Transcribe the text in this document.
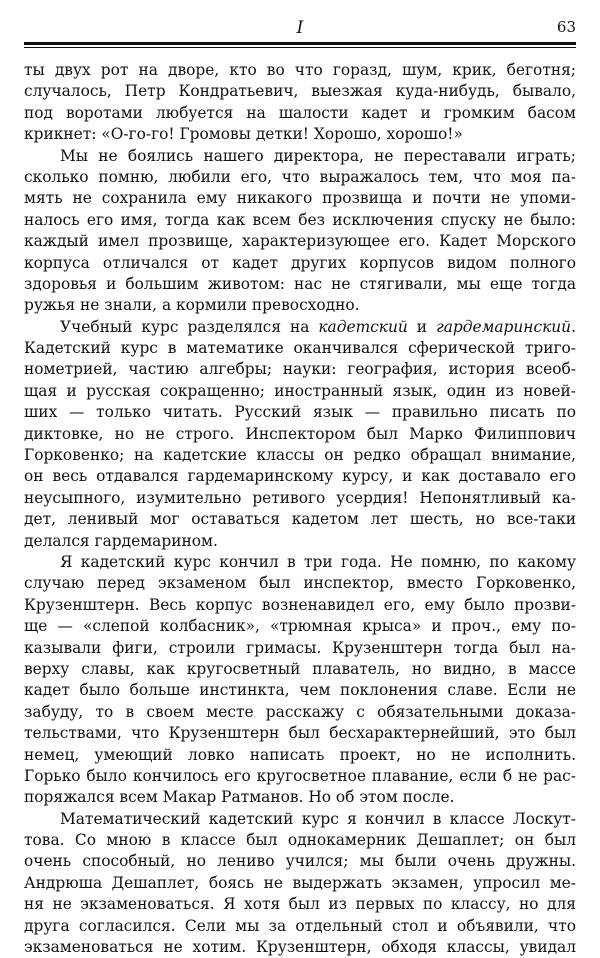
I	63
ты двух рот на дворе, кто во что горазд, шум, крик, беготня;
случалось, Петр Кондратьевич, выезжая куда-нибудь, бывало,
под воротами любуется на шалости кадет и громким басом
крикнет: «О-го-го! Громовы детки! Хорошо, хорошо!»
Мы не боялись нашего директора, не переставали играть;
сколько помню, любили его, что выражалось тем, что моя па-
мять не сохранила ему никакого прозвища и почти не упоми-
налось его имя, тогда как всем без исключения спуску не было:
каждый имел прозвище, характеризующее его. Кадет Морского
корпуса отличался от кадет других корпусов видом полного
здоровья и большим животом: нас не стягивали, мы еще тогда
ружья не знали, а кормили превосходно.
Учебный курс разделялся на кадетский и гардемаринский.
Кадетский курс в математике оканчивался сферической триго-
нометрией, частию алгебры; науки: география, история всеоб-
щая и русская сокращенно; иностранный язык, один из новей-
ших — только читать. Русский язык — правильно писать по
диктовке, но не строго. Инспектором был Марко Филиппович
Горковенко; на кадетские классы он редко обращал внимание,
он весь отдавался гардемаринскому курсу, и как доставало его
неусыпного, изумительно ретивого усердия! Непонятливый ка-
дет, ленивый мог оставаться кадетом лет шесть, но все-таки
делался гардемарином.
Я кадетский курс кончил в три года. Не помню, по какому
случаю перед экзаменом был инспектор, вместо Горковенко,
Крузенштерн. Весь корпус возненавидел его, ему было прозви-
ще — «слепой колбасник», «трюмная крыса» и проч., ему по-
казывали фиги, строили гримасы. Крузенштерн тогда был на-
верху славы, как кругосветный плаватель, но видно, в массе
кадет было больше инстинкта, чем поклонения славе. Если не
забуду, то в своем месте расскажу с обязательными доказа-
тельствами, что Крузенштерн был бесхарактернейший, это был
немец, умеющий ловко написать проект, но не исполнить.
Горько было кончилось его кругосветное плавание, если б не рас-
поряжался всем Макар Ратманов. Но об этом после.
Математический кадетский курс я кончил в классе Лоскут-
това. Со мною в классе был однокамерник Дешаплет; он был
очень способный, но лениво учился; мы были очень дружны.
Андрюша Дешаплет, боясь не выдержать экзамен, упросил ме-
ня не экзаменоваться. Я хотя был из первых по классу, но для
друга согласился. Сели мы за отдельный стол и объявили, что
экзаменоваться не хотим. Крузенштерн, обходя классы, увидал
